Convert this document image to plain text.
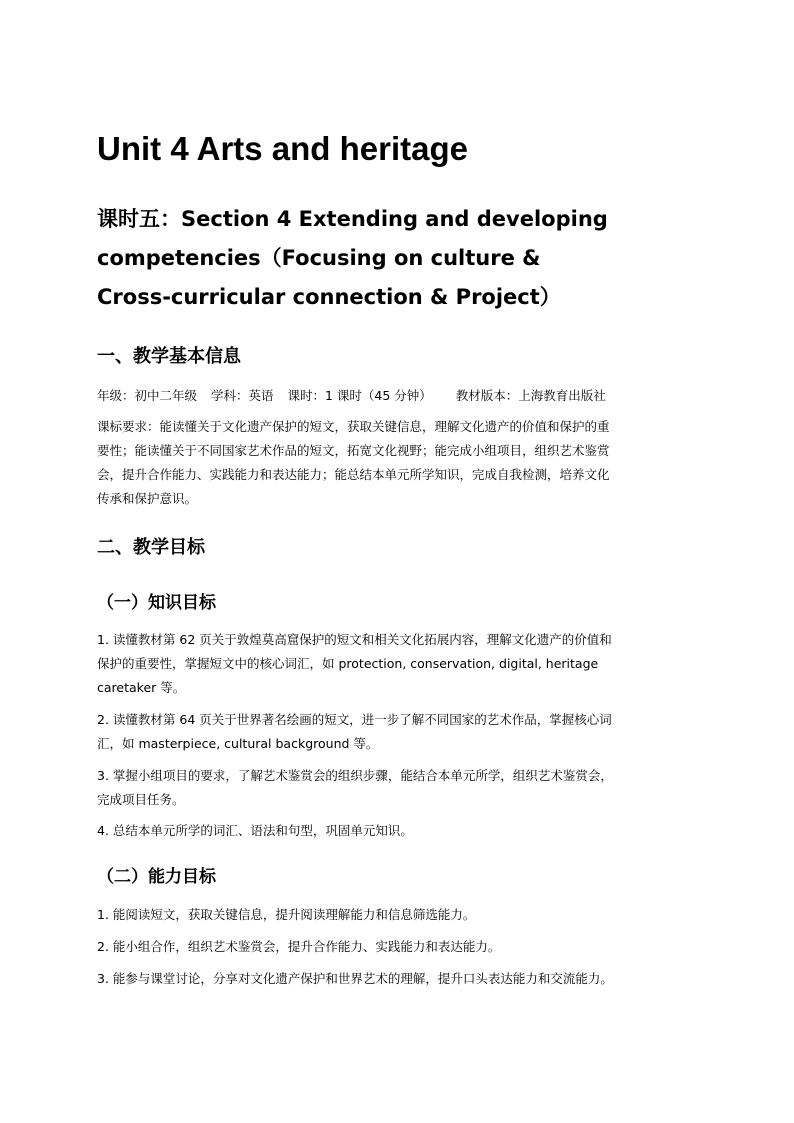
Unit 4 Arts and heritage
课时五：Section 4 Extending and developing
competencies（Focusing on culture &
Cross-curricular connection & Project）
一、教学基本信息

年级：初中二年级 学科：英语 课时：1 课时（45 分钟） 教材版本：上海教育出版社

课标要求：能读懂关于文化遗产保护的短文，获取关键信息，理解文化遗产的价值和保护的重
要性；能读懂关于不同国家艺术作品的短文，拓宽文化视野；能完成小组项目，组织艺术鉴赏
会，提升合作能力、实践能力和表达能力；能总结本单元所学知识，完成自我检测，培养文化
传承和保护意识。

二、教学目标
（一）知识目标

1. 读懂教材第 62 页关于敦煌莫高窟保护的短文和相关文化拓展内容，理解文化遗产的价值和
保护的重要性，掌握短文中的核心词汇，如 protection, conservation, digital, heritage
caretaker 等。

2. 读懂教材第 64 页关于世界著名绘画的短文，进一步了解不同国家的艺术作品，掌握核心词
汇，如 masterpiece, cultural background 等。

3. 掌握小组项目的要求，了解艺术鉴赏会的组织步骤，能结合本单元所学，组织艺术鉴赏会，
完成项目任务。

4. 总结本单元所学的词汇、语法和句型，巩固单元知识。

（二）能力目标

1. 能阅读短文，获取关键信息，提升阅读理解能力和信息筛选能力。

2. 能小组合作，组织艺术鉴赏会，提升合作能力、实践能力和表达能力。

3. 能参与课堂讨论，分享对文化遗产保护和世界艺术的理解，提升口头表达能力和交流能力。
